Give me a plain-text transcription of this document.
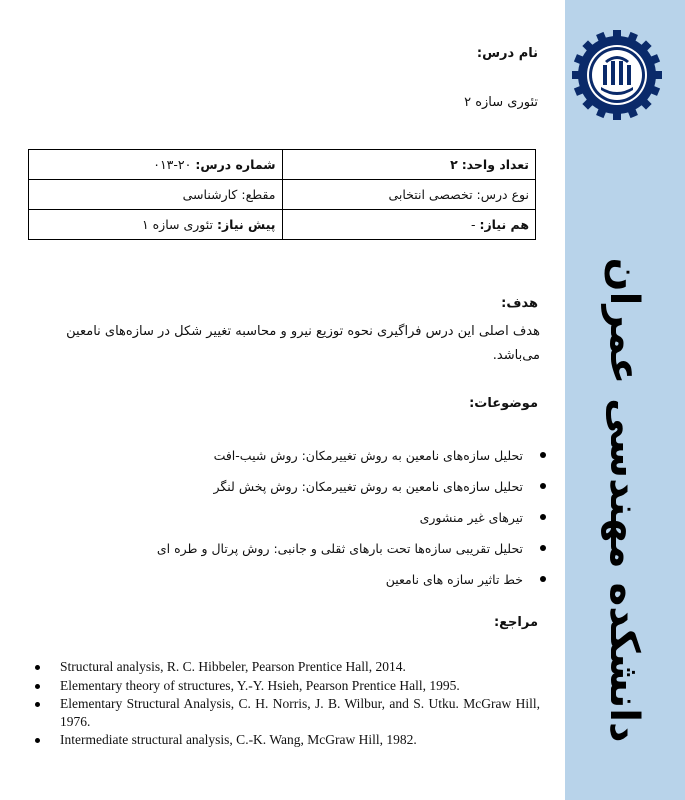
دانشکده مهندسی عمران
نام درس:
تئوری سازه ۲
شماره درس: ۲۰-۰۱۳	تعداد واحد: ۲
مقطع: کارشناسی	نوع درس: تخصصی انتخابی
پیش نیاز: تئوری سازه ۱	هم نیاز: -
هدف:
هدف اصلی این درس فراگیری نحوه توزیع نیرو و محاسبه تغییر شکل در سازه‌های نامعین می‌باشد.
موضوعات:
تحلیل سازه‌های نامعین به روش تغییرمکان: روش شیب-افت
تحلیل سازه‌های نامعین به روش تغییرمکان: روش پخش لنگر
تیرهای غیر منشوری
تحلیل تقریبی سازه‌ها تحت بارهای ثقلی و جانبی: روش پرتال و طره ای
خط تاثیر سازه های نامعین
مراجع:
Structural analysis, R. C. Hibbeler, Pearson Prentice Hall, 2014.
Elementary theory of structures, Y.-Y. Hsieh, Pearson Prentice Hall, 1995.
Elementary Structural Analysis, C. H. Norris, J. B. Wilbur, and S. Utku. McGraw Hill, 1976.
Intermediate structural analysis, C.-K. Wang, McGraw Hill, 1982.
